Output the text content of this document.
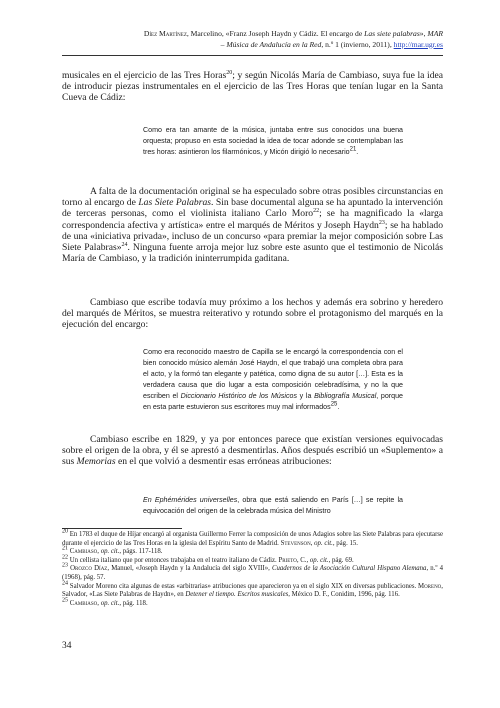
Díez Martínez, Marcelino, «Franz Joseph Haydn y Cádiz. El encargo de Las siete palabras», MAR
– Música de Andalucía en la Red, n.º 1 (invierno, 2011), http://mar.ugr.es
musicales en el ejercicio de las Tres Horas$^{20}$; y según Nicolás María de Cambiaso, suya fue la idea de introducir piezas instrumentales en el ejercicio de las Tres Horas que tenían lugar en la Santa Cueva de Cádiz:
Como era tan amante de la música, juntaba entre sus conocidos una buena orquesta; propuso en esta sociedad la idea de tocar adonde se contemplaban las tres horas: asintieron los filarmónicos, y Micón dirigió lo necesario$^{21}$.
A falta de la documentación original se ha especulado sobre otras posibles circunstancias en torno al encargo de Las Siete Palabras. Sin base documental alguna se ha apuntado la intervención de terceras personas, como el violinista italiano Carlo Moro$^{22}$; se ha magnificado la «larga correspondencia afectiva y artística» entre el marqués de Méritos y Joseph Haydn$^{23}$; se ha hablado de una «iniciativa privada», incluso de un concurso «para premiar la mejor composición sobre Las Siete Palabras»$^{24}$. Ninguna fuente arroja mejor luz sobre este asunto que el testimonio de Nicolás María de Cambiaso, y la tradición ininterrumpida gaditana.
Cambiaso que escribe todavía muy próximo a los hechos y además era sobrino y heredero del marqués de Méritos, se muestra reiterativo y rotundo sobre el protagonismo del marqués en la ejecución del encargo:
Como era reconocido maestro de Capilla se le encargó la correspondencia con el bien conocido músico alemán José Haydn, el que trabajó una completa obra para el acto, y la formó tan elegante y patética, como digna de su autor […]. Esta es la verdadera causa que dio lugar a esta composición celebradísima, y no la que escriben el Diccionario Histórico de los Músicos y la Bibliografía Musical, porque en esta parte estuvieron sus escritores muy mal informados$^{25}$.
Cambiaso escribe en 1829, y ya por entonces parece que existían versiones equivocadas sobre el origen de la obra, y él se aprestó a desmentirlas. Años después escribió un «Suplemento» a sus Memorias en el que volvió a desmentir esas erróneas atribuciones:
En Ephémérides universelles, obra que está saliendo en París […] se repite la equivocación del origen de la celebrada música del Ministro

$^{20}$ En 1783 el duque de Híjar encargó al organista Guillermo Ferrer la composición de unos Adagios sobre las Siete Palabras para ejecutarse durante el ejercicio de las Tres Horas en la iglesia del Espíritu Santo de Madrid. Stevenson, op. cit., pág. 15.

$^{21}$ Cambiaso, op. cit., págs. 117-118.

$^{22}$ Un cellista italiano que por entonces trabajaba en el teatro italiano de Cádiz. Prieto, C., op. cit., pág. 69.

$^{23}$ Orozco Díaz, Manuel, «Joseph Haydn y la Andalucía del siglo XVIII», Cuadernos de la Asociación Cultural Hispano Alemana, n.º 4 (1968), pág. 57.

$^{24}$ Salvador Moreno cita algunas de estas «arbitrarias» atribuciones que aparecieron ya en el siglo XIX en diversas publicaciones. Moreno, Salvador, «Las Siete Palabras de Haydn», en Detener el tiempo. Escritos musicales, México D. F., Conidim, 1996, pág. 116.

$^{25}$ Cambiaso, op. cit., pág. 118.

34
